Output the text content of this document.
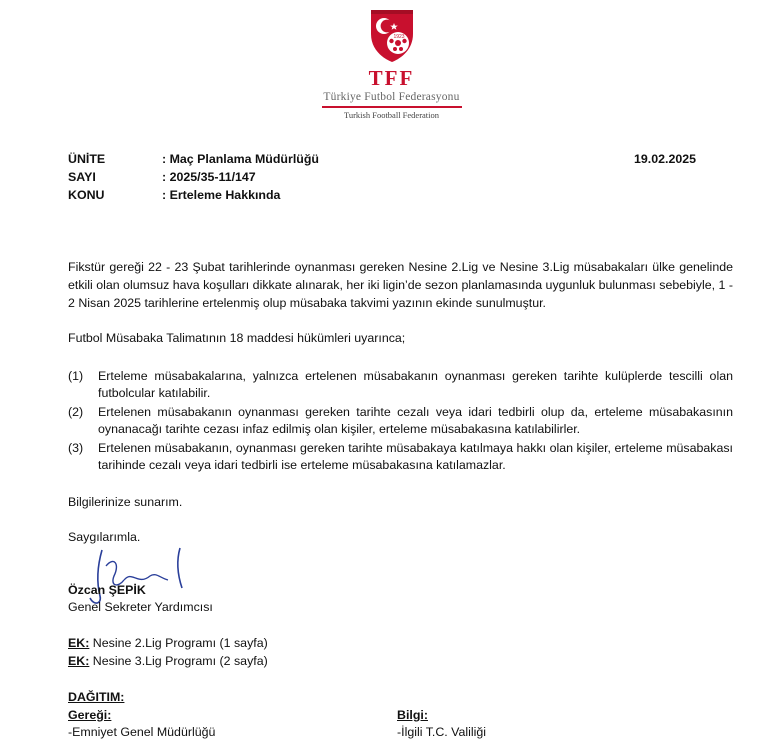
1923
TFF
Türkiye Futbol Federasyonu
Turkish Football Federation
ÜNİTE	: Maç Planlama Müdürlüğü
SAYI	: 2025/35-11/147
KONU	: Erteleme Hakkında
19.02.2025
Fikstür gereği 22 - 23 Şubat tarihlerinde oynanması gereken Nesine 2.Lig ve Nesine 3.Lig müsabakaları ülke genelinde etkili olan olumsuz hava koşulları dikkate alınarak, her iki ligin’de sezon planlamasında uygunluk bulunması sebebiyle, 1 - 2 Nisan 2025 tarihlerine ertelenmiş olup müsabaka takvimi yazının ekinde sunulmuştur.
Futbol Müsabaka Talimatının 18 maddesi hükümleri uyarınca;
(1)	Erteleme müsabakalarına, yalnızca ertelenen müsabakanın oynanması gereken tarihte kulüplerde tescilli olan futbolcular katılabilir.
(2)	Ertelenen müsabakanın oynanması gereken tarihte cezalı veya idari tedbirli olup da, erteleme müsabakasının oynanacağı tarihte cezası infaz edilmiş olan kişiler, erteleme müsabakasına katılabilirler.
(3)	Ertelenen müsabakanın, oynanması gereken tarihte müsabakaya katılmaya hakkı olan kişiler, erteleme müsabakası tarihinde cezalı veya idari tedbirli ise erteleme müsabakasına katılamazlar.
Bilgilerinize sunarım.
Saygılarımla.
Özcan ŞEPİK
Genel Sekreter Yardımcısı
EK: Nesine 2.Lig Programı (1 sayfa)
EK: Nesine 3.Lig Programı (2 sayfa)
DAĞITIM:
Gereği:
-Emniyet Genel Müdürlüğü
Bilgi:
-İlgili T.C. Valiliği
